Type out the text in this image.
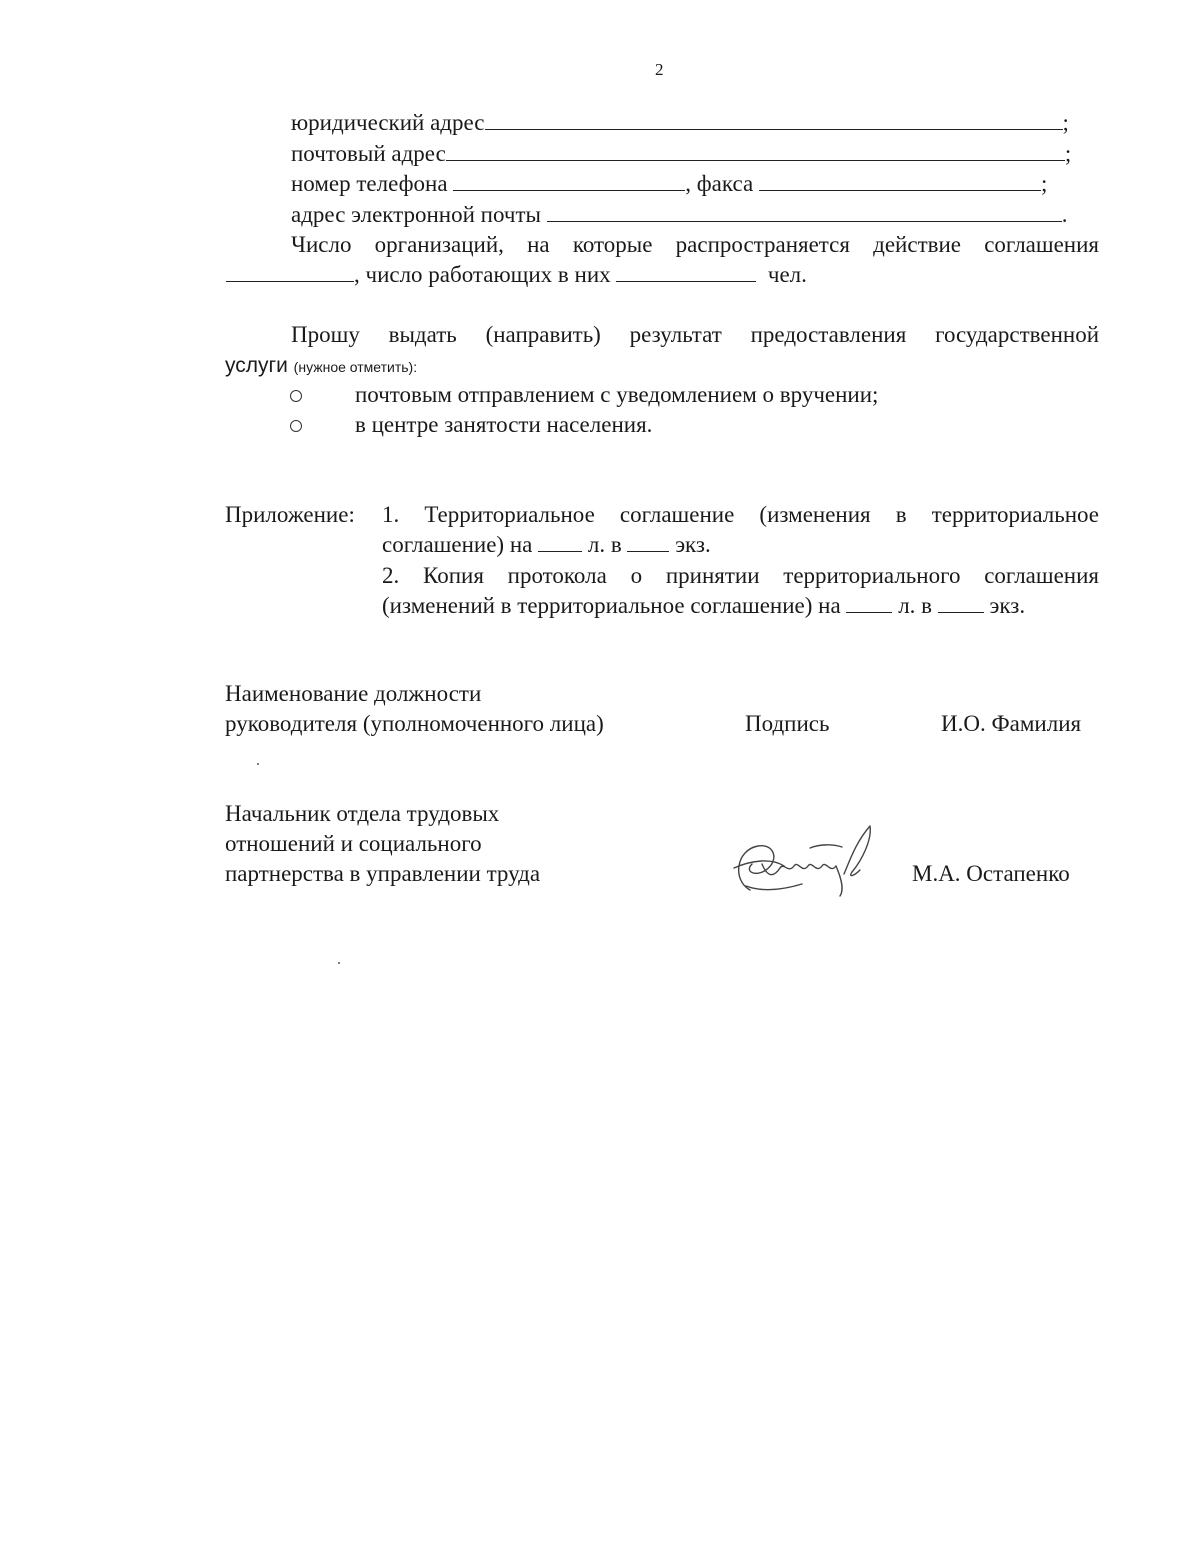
2
юридический адрес	;
почтовый адрес	;
номер телефона	, факса	;
адрес электронной почты	.
Число организаций, на которые распространяется действие соглашения
, число работающих в них	чел.
Прошу выдать (направить) результат предоставления государственной
услуги (нужное отметить):
почтовым отправлением с уведомлением о вручении;
в центре занятости населения.
Приложение: 1. Территориальное соглашение (изменения в территориальное
соглашение) на л. в экз.
2. Копия протокола о принятии территориального соглашения
(изменений в территориальное соглашение) на	л. в	экз.
Наименование должности
руководителя (уполномоченного лица)	Подпись	И.О. Фамилия
Начальник отдела трудовых
отношений и социального
партнерства в управлении труда	М.А. Остапенко
